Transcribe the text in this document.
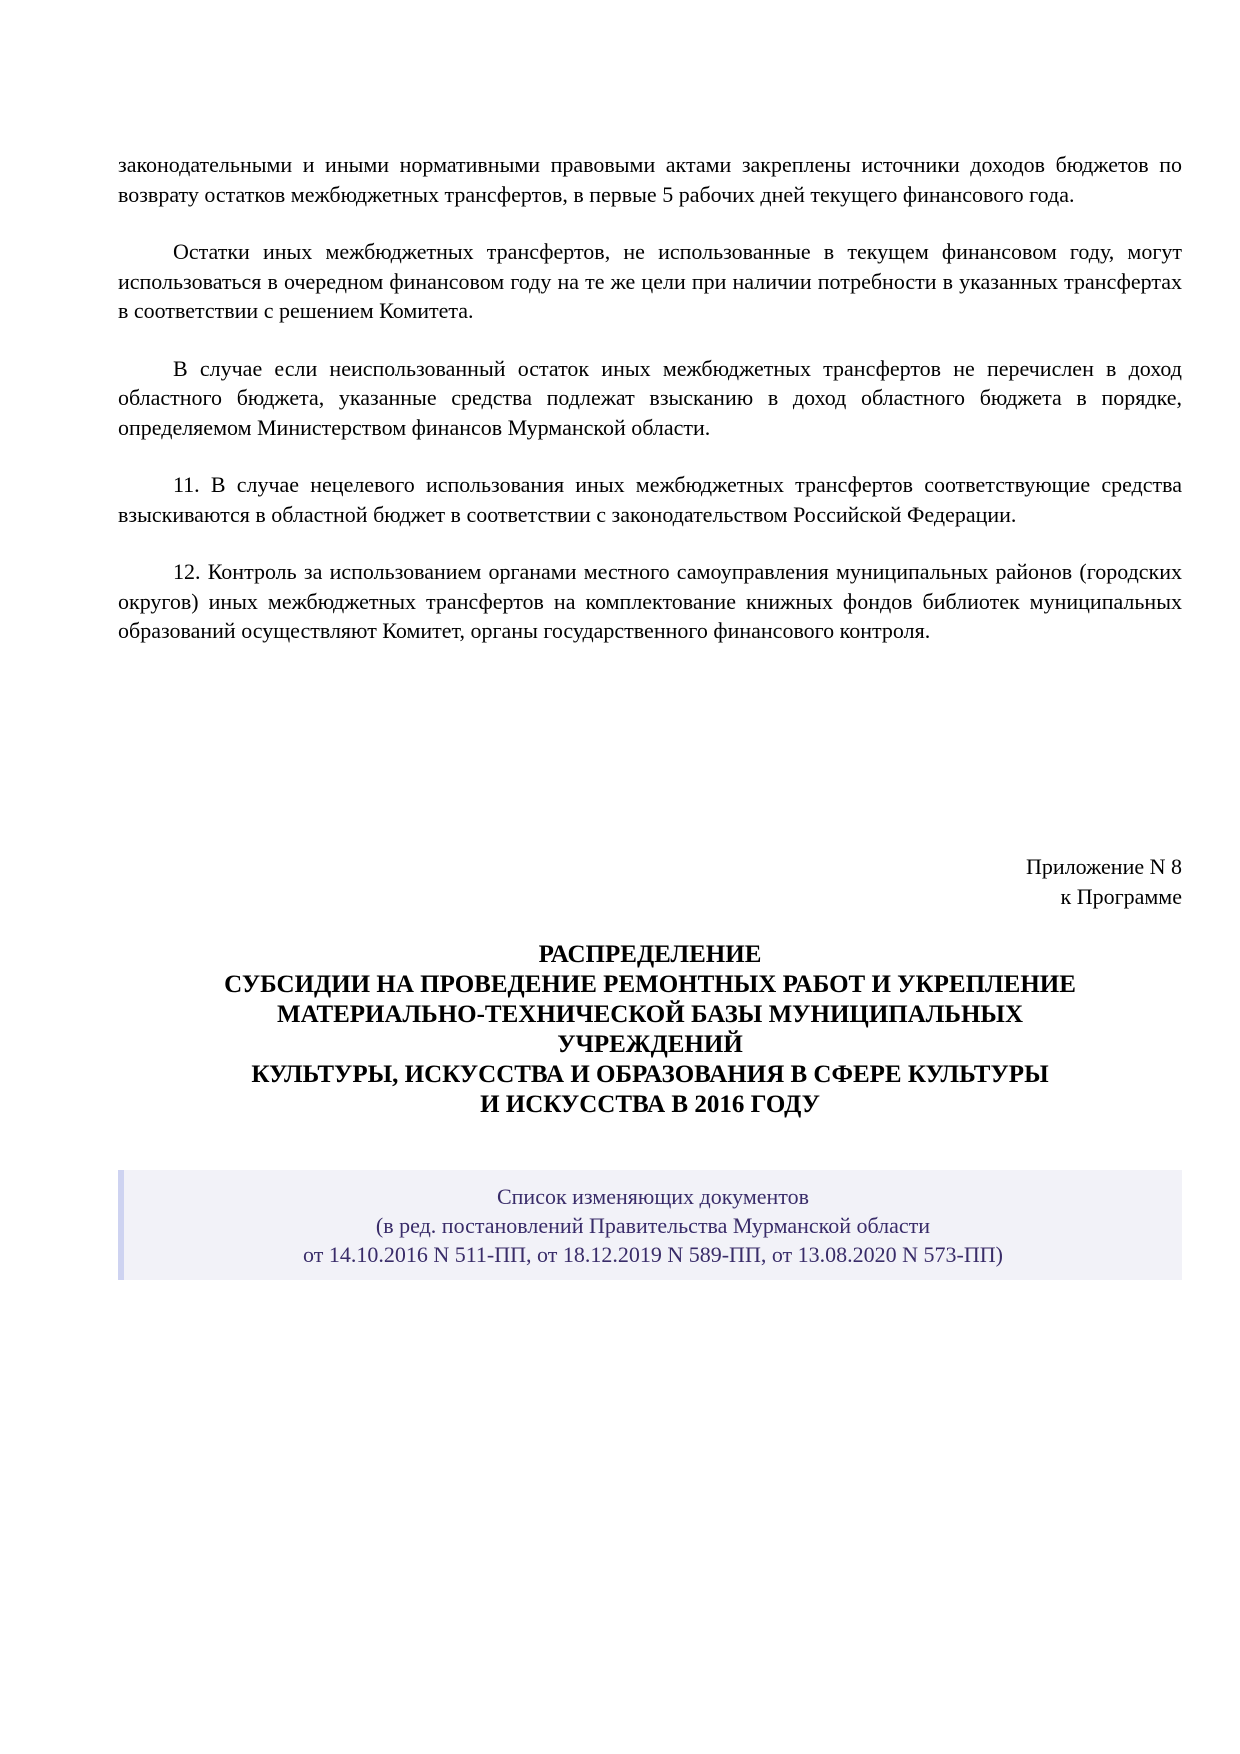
законодательными и иными нормативными правовыми актами закреплены источники доходов бюджетов по возврату остатков межбюджетных трансфертов, в первые 5 рабочих дней текущего финансового года.

Остатки иных межбюджетных трансфертов, не использованные в текущем финансовом году, могут использоваться в очередном финансовом году на те же цели при наличии потребности в указанных трансфертах в соответствии с решением Комитета.

В случае если неиспользованный остаток иных межбюджетных трансфертов не перечислен в доход областного бюджета, указанные средства подлежат взысканию в доход областного бюджета в порядке, определяемом Министерством финансов Мурманской области.

11. В случае нецелевого использования иных межбюджетных трансфертов соответствующие средства взыскиваются в областной бюджет в соответствии с законодательством Российской Федерации.

12. Контроль за использованием органами местного самоуправления муниципальных районов (городских округов) иных межбюджетных трансфертов на комплектование книжных фондов библиотек муниципальных образований осуществляют Комитет, органы государственного финансового контроля.

Приложение N 8
к Программе
РАСПРЕДЕЛЕНИЕ
СУБСИДИИ НА ПРОВЕДЕНИЕ РЕМОНТНЫХ РАБОТ И УКРЕПЛЕНИЕ
МАТЕРИАЛЬНО-ТЕХНИЧЕСКОЙ БАЗЫ МУНИЦИПАЛЬНЫХ
УЧРЕЖДЕНИЙ
КУЛЬТУРЫ, ИСКУССТВА И ОБРАЗОВАНИЯ В СФЕРЕ КУЛЬТУРЫ
И ИСКУССТВА В 2016 ГОДУ
Список изменяющих документов
(в ред. постановлений Правительства Мурманской области
от 14.10.2016 N 511-ПП, от 18.12.2019 N 589-ПП, от 13.08.2020 N 573-ПП)
